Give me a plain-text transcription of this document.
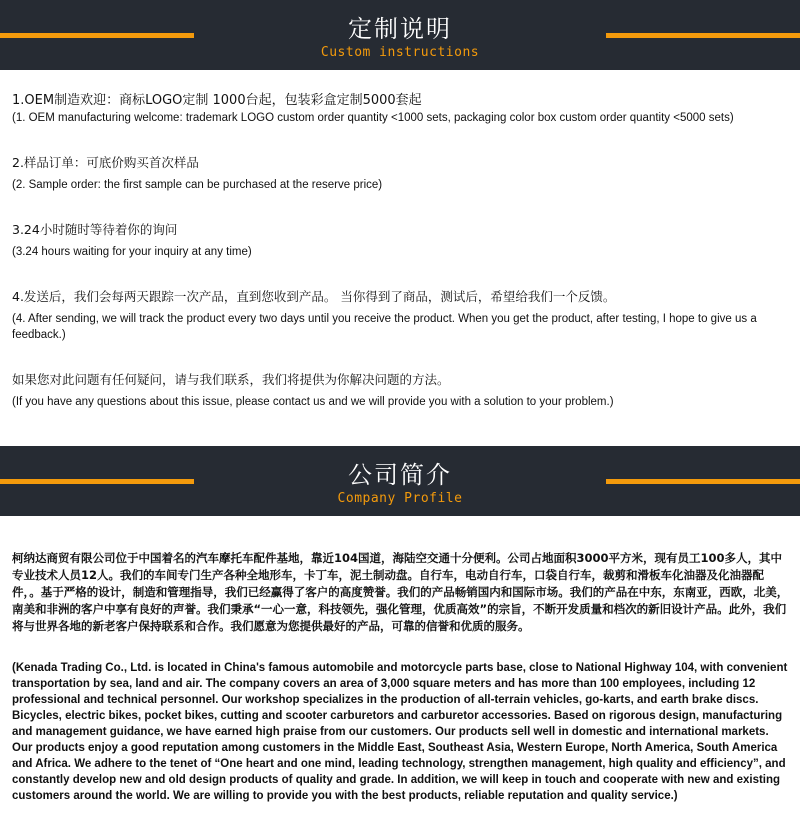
定制说明
Custom instructions
1.OEM制造欢迎：商标LOGO定制 1000台起，包装彩盒定制5000套起
(1. OEM manufacturing welcome: trademark LOGO custom order quantity <1000 sets, packaging color box custom order quantity <5000 sets)
2.样品订单：可底价购买首次样品
(2. Sample order: the first sample can be purchased at the reserve price)
3.24小时随时等待着你的询问
(3.24 hours waiting for your inquiry at any time)
4.发送后，我们会每两天跟踪一次产品，直到您收到产品。 当你得到了商品，测试后，希望给我们一个反馈。
(4. After sending, we will track the product every two days until you receive the product. When you get the product, after testing, I hope to give us a feedback.)
如果您对此问题有任何疑问，请与我们联系，我们将提供为你解决问题的方法。
(If you have any questions about this issue, please contact us and we will provide you with a solution to your problem.)
公司简介
Company Profile

柯纳达商贸有限公司位于中国着名的汽车摩托车配件基地，靠近104国道，海陆空交通十分便利。公司占地面积3000平方米，现有员工100多人，其中专业技术人员12人。我们的车间专门生产各种全地形车，卡丁车，泥土制动盘。自行车，电动自行车，口袋自行车，裁剪和滑板车化油器及化油器配件，。基于严格的设计，制造和管理指导，我们已经赢得了客户的高度赞誉。我们的产品畅销国内和国际市场。我们的产品在中东，东南亚，西欧，北美，南美和非洲的客户中享有良好的声誉。我们秉承“一心一意，科技领先，强化管理，优质高效”的宗旨，不断开发质量和档次的新旧设计产品。此外，我们将与世界各地的新老客户保持联系和合作。我们愿意为您提供最好的产品，可靠的信誉和优质的服务。

(Kenada Trading Co., Ltd. is located in China's famous automobile and motorcycle parts base, close to National Highway 104, with convenient transportation by sea, land and air. The company covers an area of 3,000 square meters and has more than 100 employees, including 12 professional and technical personnel. Our workshop specializes in the production of all-terrain vehicles, go-karts, and earth brake discs. Bicycles, electric bikes, pocket bikes, cutting and scooter carburetors and carburetor accessories. Based on rigorous design, manufacturing and management guidance, we have earned high praise from our customers. Our products sell well in domestic and international markets. Our products enjoy a good reputation among customers in the Middle East, Southeast Asia, Western Europe, North America, South America and Africa. We adhere to the tenet of “One heart and one mind, leading technology, strengthen management, high quality and efficiency”, and constantly develop new and old design products of quality and grade. In addition, we will keep in touch and cooperate with new and existing customers around the world. We are willing to provide you with the best products, reliable reputation and quality service.)
